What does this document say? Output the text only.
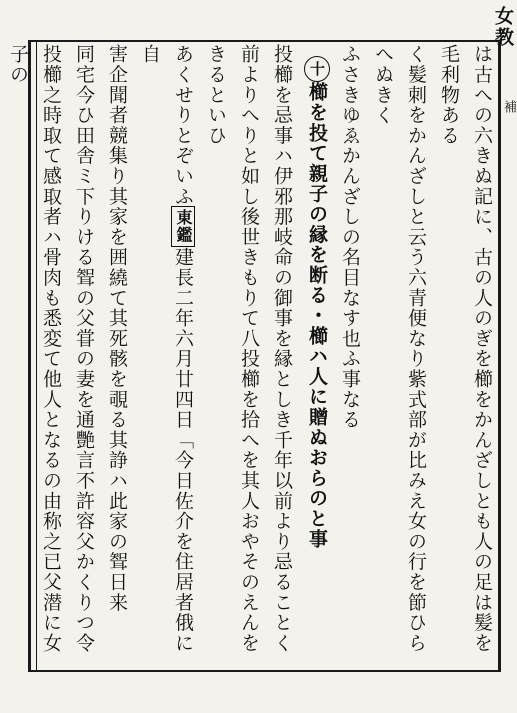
女教
補
は古への六きぬ記に、古の人のぎを櫛をかんざしとも人の足は髪を毛利物ある
く髪刺をかんざしと云う六青便なり紫式部が比みえ女の行を節ひらへぬきく
ふさきゆゑかんざしの名目なす也ふ事なる
十櫛を投て親子の縁を断る・櫛ハ人に贈ぬおらのと事
投櫛を忌事ハ伊邪那岐命の御事を縁としき千年以前より忌ることく
前よりへりと如し後世きもりて八投櫛を拾へを其人おやそのえんをきるといひ
あくせりとぞいふ東鑑建長二年六月廿四日「今日佐介を住居者俄に自
害企聞者競集り其家を囲繞て其死骸を覗る其諍ハ此家の聟日来
同宅今ひ田舎ミ下りける聟の父甞の妻を通艷言不許容父かくりつ令
投櫛之時取て感取者ハ骨肉も悉変て他人となるの由称之已父潜に女子の
